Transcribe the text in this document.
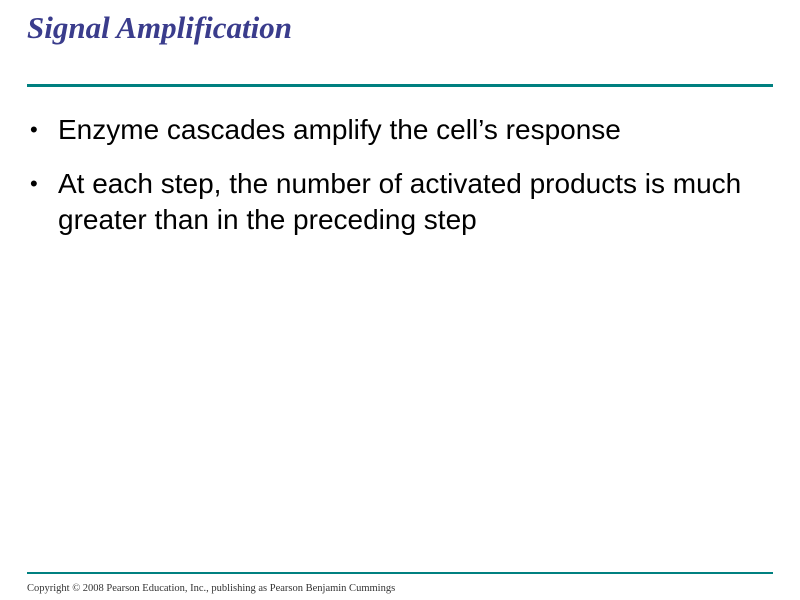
Signal Amplification
• Enzyme cascades amplify the cell’s response
• At each step, the number of activated products is much greater than in the preceding step
Copyright © 2008 Pearson Education, Inc., publishing as Pearson Benjamin Cummings
